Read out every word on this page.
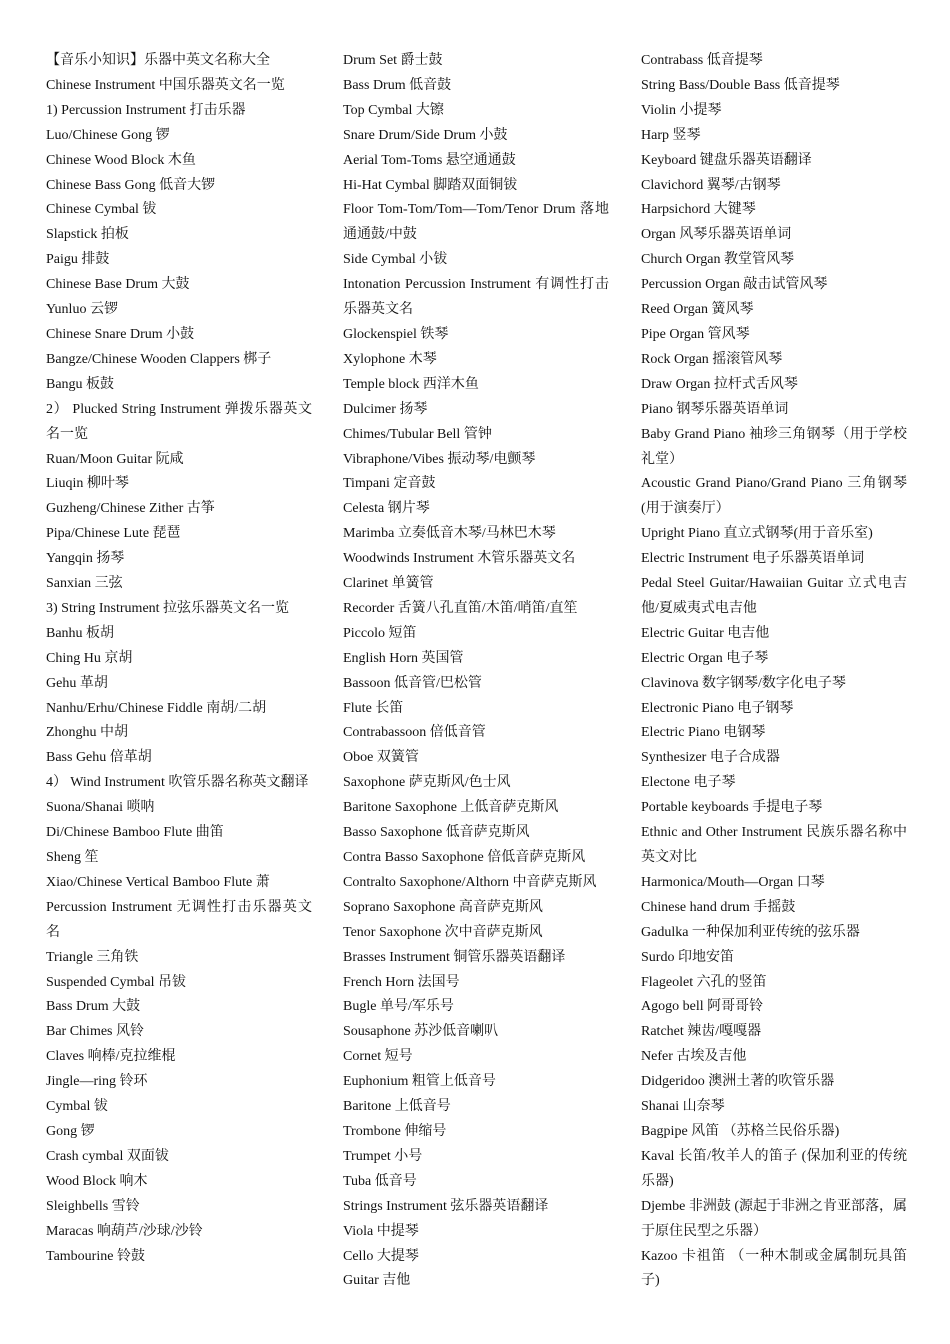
【音乐小知识】乐器中英文名称大全

Chinese Instrument 中国乐器英文名一览

1) Percussion Instrument 打击乐器

Luo/Chinese Gong 锣

Chinese Wood Block 木鱼

Chinese Bass Gong 低音大锣

Chinese Cymbal 钹

Slapstick 拍板

Paigu 排鼓

Chinese Base Drum 大鼓

Yunluo 云锣

Chinese Snare Drum 小鼓

Bangze/Chinese Wooden Clappers 梆子

Bangu 板鼓

2） Plucked String Instrument 弹拨乐器英文名一览

Ruan/Moon Guitar 阮咸

Liuqin 柳叶琴

Guzheng/Chinese Zither 古筝

Pipa/Chinese Lute 琵琶

Yangqin 扬琴

Sanxian 三弦

3) String Instrument 拉弦乐器英文名一览

Banhu 板胡

Ching Hu 京胡

Gehu 革胡

Nanhu/Erhu/Chinese Fiddle 南胡/二胡

Zhonghu 中胡

Bass Gehu 倍革胡

4） Wind Instrument 吹管乐器名称英文翻译

Suona/Shanai 唢呐

Di/Chinese Bamboo Flute 曲笛

Sheng 笙

Xiao/Chinese Vertical Bamboo Flute 萧

Percussion Instrument 无调性打击乐器英文名

Triangle 三角铁

Suspended Cymbal 吊钹

Bass Drum 大鼓

Bar Chimes 风铃

Claves 响棒/克拉维棍

Jingle—ring 铃环

Cymbal 钹

Gong 锣

Crash cymbal 双面钹

Wood Block 响木

Sleighbells 雪铃

Maracas 响葫芦/沙球/沙铃

Tambourine 铃鼓

Drum Set 爵士鼓

Bass Drum 低音鼓

Top Cymbal 大镲

Snare Drum/Side Drum 小鼓

Aerial Tom-Toms 悬空通通鼓

Hi-Hat Cymbal 脚踏双面铜钹

Floor Tom-Tom/Tom—Tom/Tenor Drum 落地通通鼓/中鼓

Side Cymbal 小钹

Intonation Percussion Instrument 有调性打击乐器英文名

Glockenspiel 铁琴

Xylophone 木琴

Temple block 西洋木鱼

Dulcimer 扬琴

Chimes/Tubular Bell 管钟

Vibraphone/Vibes 振动琴/电颤琴

Timpani 定音鼓

Celesta 钢片琴

Marimba 立奏低音木琴/马林巴木琴

Woodwinds Instrument 木管乐器英文名

Clarinet 单簧管

Recorder 舌簧八孔直笛/木笛/哨笛/直笙

Piccolo 短笛

English Horn 英国管

Bassoon 低音管/巴松管

Flute 长笛

Contrabassoon 倍低音管

Oboe 双簧管

Saxophone 萨克斯风/色士风

Baritone Saxophone 上低音萨克斯风

Basso Saxophone 低音萨克斯风

Contra Basso Saxophone 倍低音萨克斯风

Contralto Saxophone/Althorn 中音萨克斯风

Soprano Saxophone 高音萨克斯风

Tenor Saxophone 次中音萨克斯风

Brasses Instrument 铜管乐器英语翻译

French Horn 法国号

Bugle 单号/军乐号

Sousaphone 苏沙低音喇叭

Cornet 短号

Euphonium 粗管上低音号

Baritone 上低音号

Trombone 伸缩号

Trumpet 小号

Tuba 低音号

Strings Instrument 弦乐器英语翻译

Viola 中提琴

Cello 大提琴

Guitar 吉他

Contrabass 低音提琴

String Bass/Double Bass 低音提琴

Violin 小提琴

Harp 竖琴

Keyboard 键盘乐器英语翻译

Clavichord 翼琴/古钢琴

Harpsichord 大键琴

Organ 风琴乐器英语单词

Church Organ 教堂管风琴

Percussion Organ 敲击试管风琴

Reed Organ 簧风琴

Pipe Organ 管风琴

Rock Organ 摇滚管风琴

Draw Organ 拉杆式舌风琴

Piano 钢琴乐器英语单词

Baby Grand Piano 袖珍三角钢琴（用于学校礼堂）

Acoustic Grand Piano/Grand Piano 三角钢琴(用于演奏厅）

Upright Piano 直立式钢琴(用于音乐室)

Electric Instrument 电子乐器英语单词

Pedal Steel Guitar/Hawaiian Guitar 立式电吉他/夏威夷式电吉他

Electric Guitar 电吉他

Electric Organ 电子琴

Clavinova 数字钢琴/数字化电子琴

Electronic Piano 电子钢琴

Electric Piano 电钢琴

Synthesizer 电子合成器

Electone 电子琴

Portable keyboards 手提电子琴

Ethnic and Other Instrument 民族乐器名称中英文对比

Harmonica/Mouth—Organ 口琴

Chinese hand drum 手摇鼓

Gadulka 一种保加利亚传统的弦乐器

Surdo 印地安笛

Flageolet 六孔的竖笛

Agogo bell 阿哥哥铃

Ratchet 辣齿/嘎嘎器

Nefer 古埃及吉他

Didgeridoo 澳洲土著的吹管乐器

Shanai 山奈琴

Bagpipe 风笛 （苏格兰民俗乐器)

Kaval 长笛/牧羊人的笛子 (保加利亚的传统乐器)

Djembe 非洲鼓 (源起于非洲之肯亚部落，属于原住民型之乐器）

Kazoo 卡祖笛 （一种木制或金属制玩具笛子)
